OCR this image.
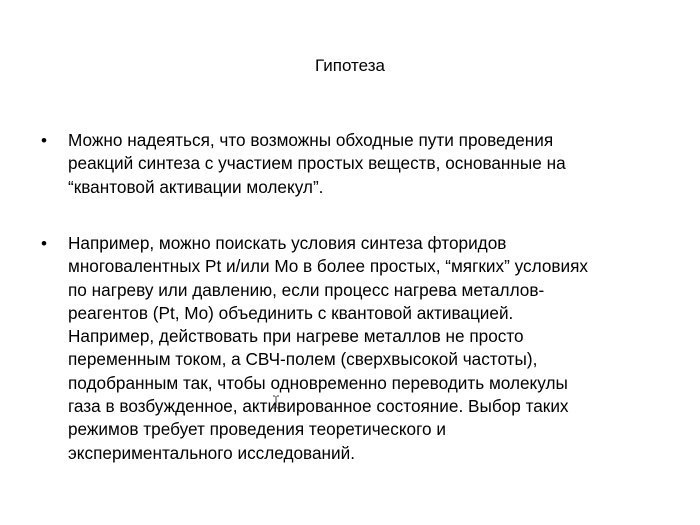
Гипотеза
• Можно надеяться, что возможны обходные пути проведения
реакций синтеза с участием простых веществ, основанные на
“квантовой активации молекул”.
• Например, можно поискать условия синтеза фторидов
многовалентных Pt и/или Mo в более простых, “мягких” условиях
по нагреву или давлению, если процесс нагрева металлов-
реагентов (Pt, Mo) объединить с квантовой активацией.
Например, действовать при нагреве металлов не просто
переменным током, а СВЧ-полем (сверхвысокой частоты),
подобранным так, чтобы одновременно переводить молекулы
газа в возбужденное, активированное состояние. Выбор таких
режимов требует проведения теоретического и
экспериментального исследований.
